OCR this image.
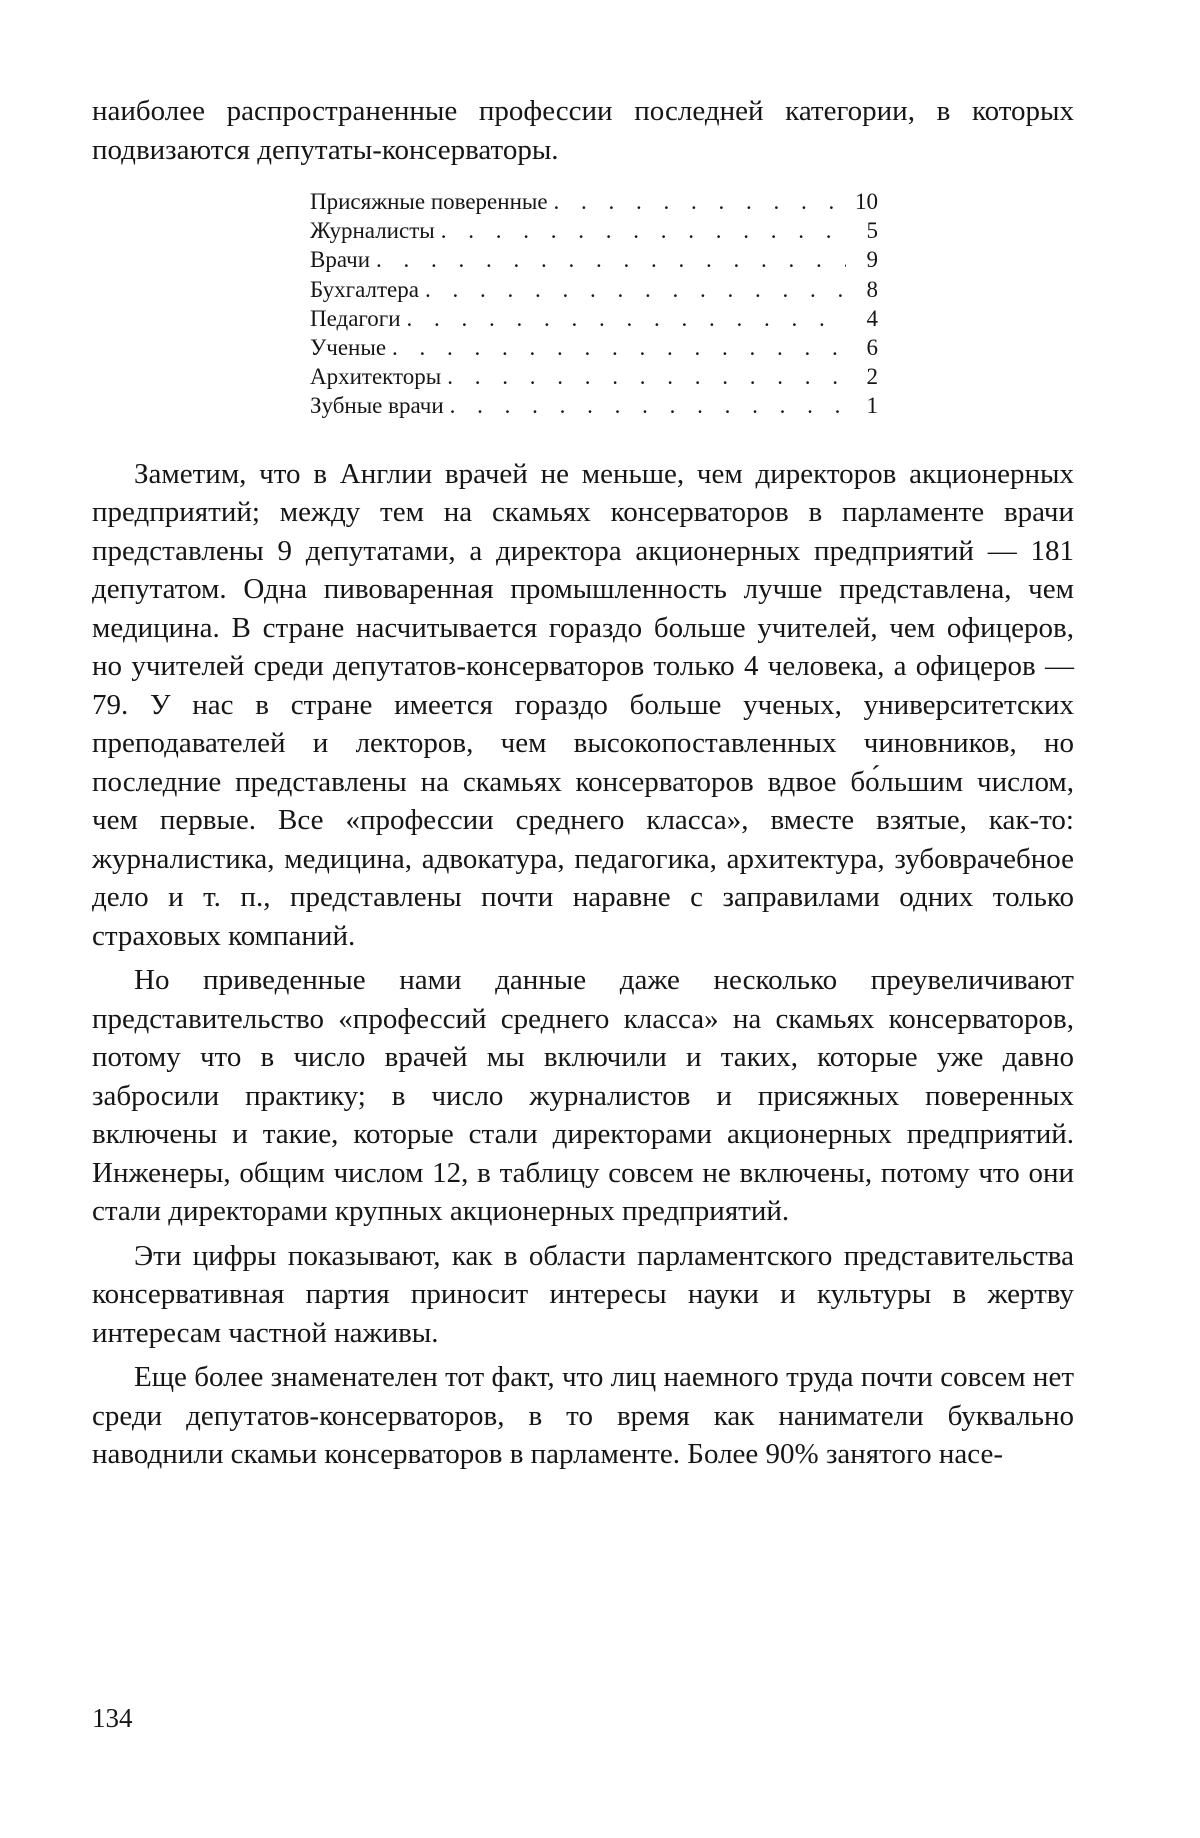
наиболее распространенные профессии последней категории, в которых подвизаются депутаты-консерваторы.

Присяжные поверенные . . .	10
Журналисты . . .	5
Врачи . . .	9
Бухгалтера . . .	8
Педагоги . . .	4
Ученые . . .	6
Архитекторы . . .	2
Зубные врачи . . .	1

Заметим, что в Англии врачей не меньше, чем директоров акционерных предприятий; между тем на скамьях консерваторов в парламенте врачи представлены 9 депутатами, а директора акционерных предприятий — 181 депутатом. Одна пивоваренная промышленность лучше представлена, чем медицина. В стране насчитывается гораздо больше учителей, чем офицеров, но учителей среди депутатов-консерваторов только 4 человека, а офицеров — 79. У нас в стране имеется гораздо больше ученых, университетских преподавателей и лекторов, чем высокопоставленных чиновников, но последние представлены на скамьях консерваторов вдвое бо́льшим числом, чем первые. Все «профессии среднего класса», вместе взятые, как-то: журналистика, медицина, адвокатура, педагогика, архитектура, зубоврачебное дело и т. п., представлены почти наравне с заправилами одних только страховых компаний.

Но приведенные нами данные даже несколько преувеличивают представительство «профессий среднего класса» на скамьях консерваторов, потому что в число врачей мы включили и таких, которые уже давно забросили практику; в число журналистов и присяжных поверенных включены и такие, которые стали директорами акционерных предприятий. Инженеры, общим числом 12, в таблицу совсем не включены, потому что они стали директорами крупных акционерных предприятий.

Эти цифры показывают, как в области парламентского представительства консервативная партия приносит интересы науки и культуры в жертву интересам частной наживы.

Еще более знаменателен тот факт, что лиц наемного труда почти совсем нет среди депутатов-консерваторов, в то время как наниматели буквально наводнили скамьи консерваторов в парламенте. Более 90% занятого насе-

134
